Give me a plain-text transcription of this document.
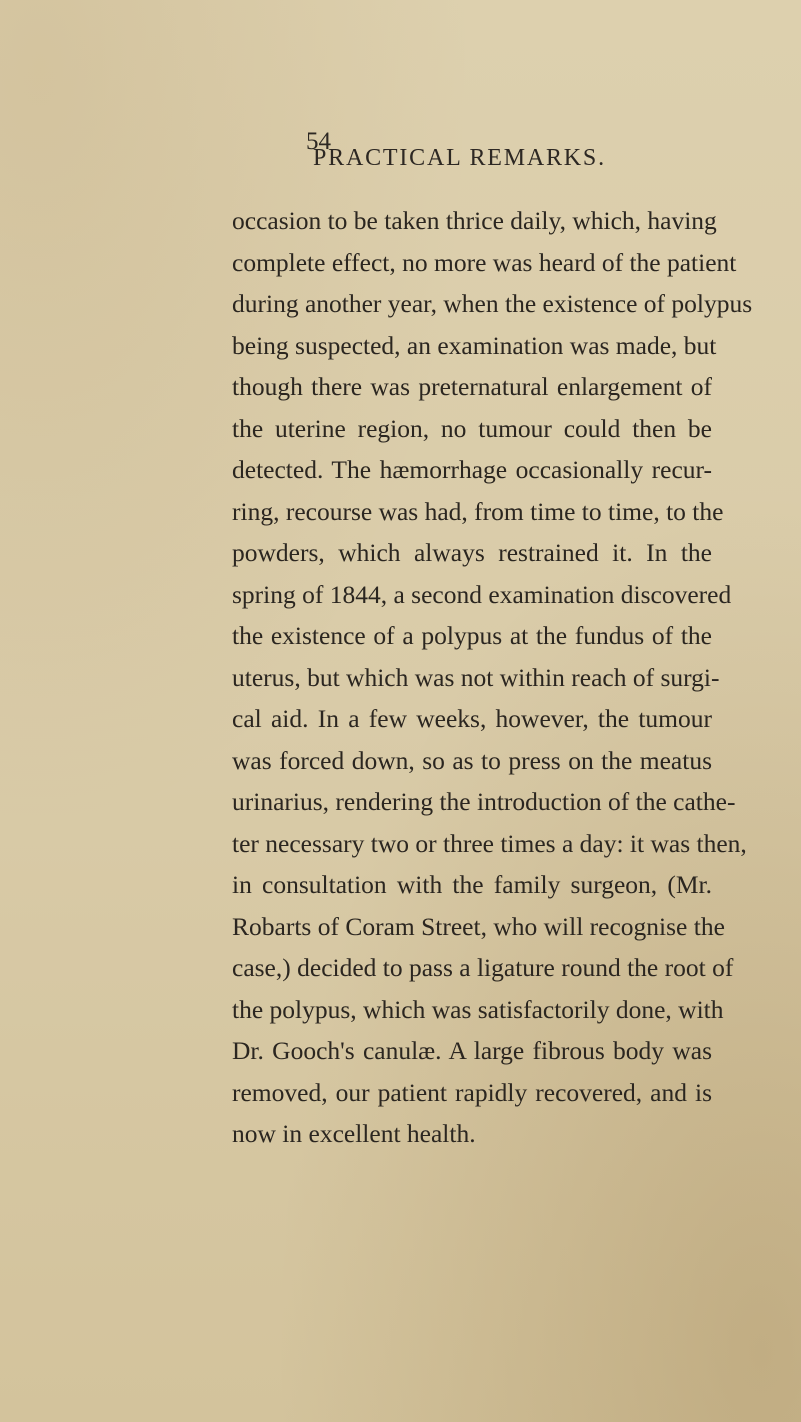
54
PRACTICAL REMARKS.
occasion to be taken thrice daily, which, having
complete effect, no more was heard of the patient
during another year, when the existence of polypus
being suspected, an examination was made, but
though there was preternatural enlargement of
the uterine region, no tumour could then be
detected. The hæmorrhage occasionally recur-
ring, recourse was had, from time to time, to the
powders, which always restrained it. In the
spring of 1844, a second examination discovered
the existence of a polypus at the fundus of the
uterus, but which was not within reach of surgi-
cal aid. In a few weeks, however, the tumour
was forced down, so as to press on the meatus
urinarius, rendering the introduction of the cathe-
ter necessary two or three times a day: it was then,
in consultation with the family surgeon, (Mr.
Robarts of Coram Street, who will recognise the
case,) decided to pass a ligature round the root of
the polypus, which was satisfactorily done, with
Dr. Gooch's canulæ. A large fibrous body was
removed, our patient rapidly recovered, and is
now in excellent health.
